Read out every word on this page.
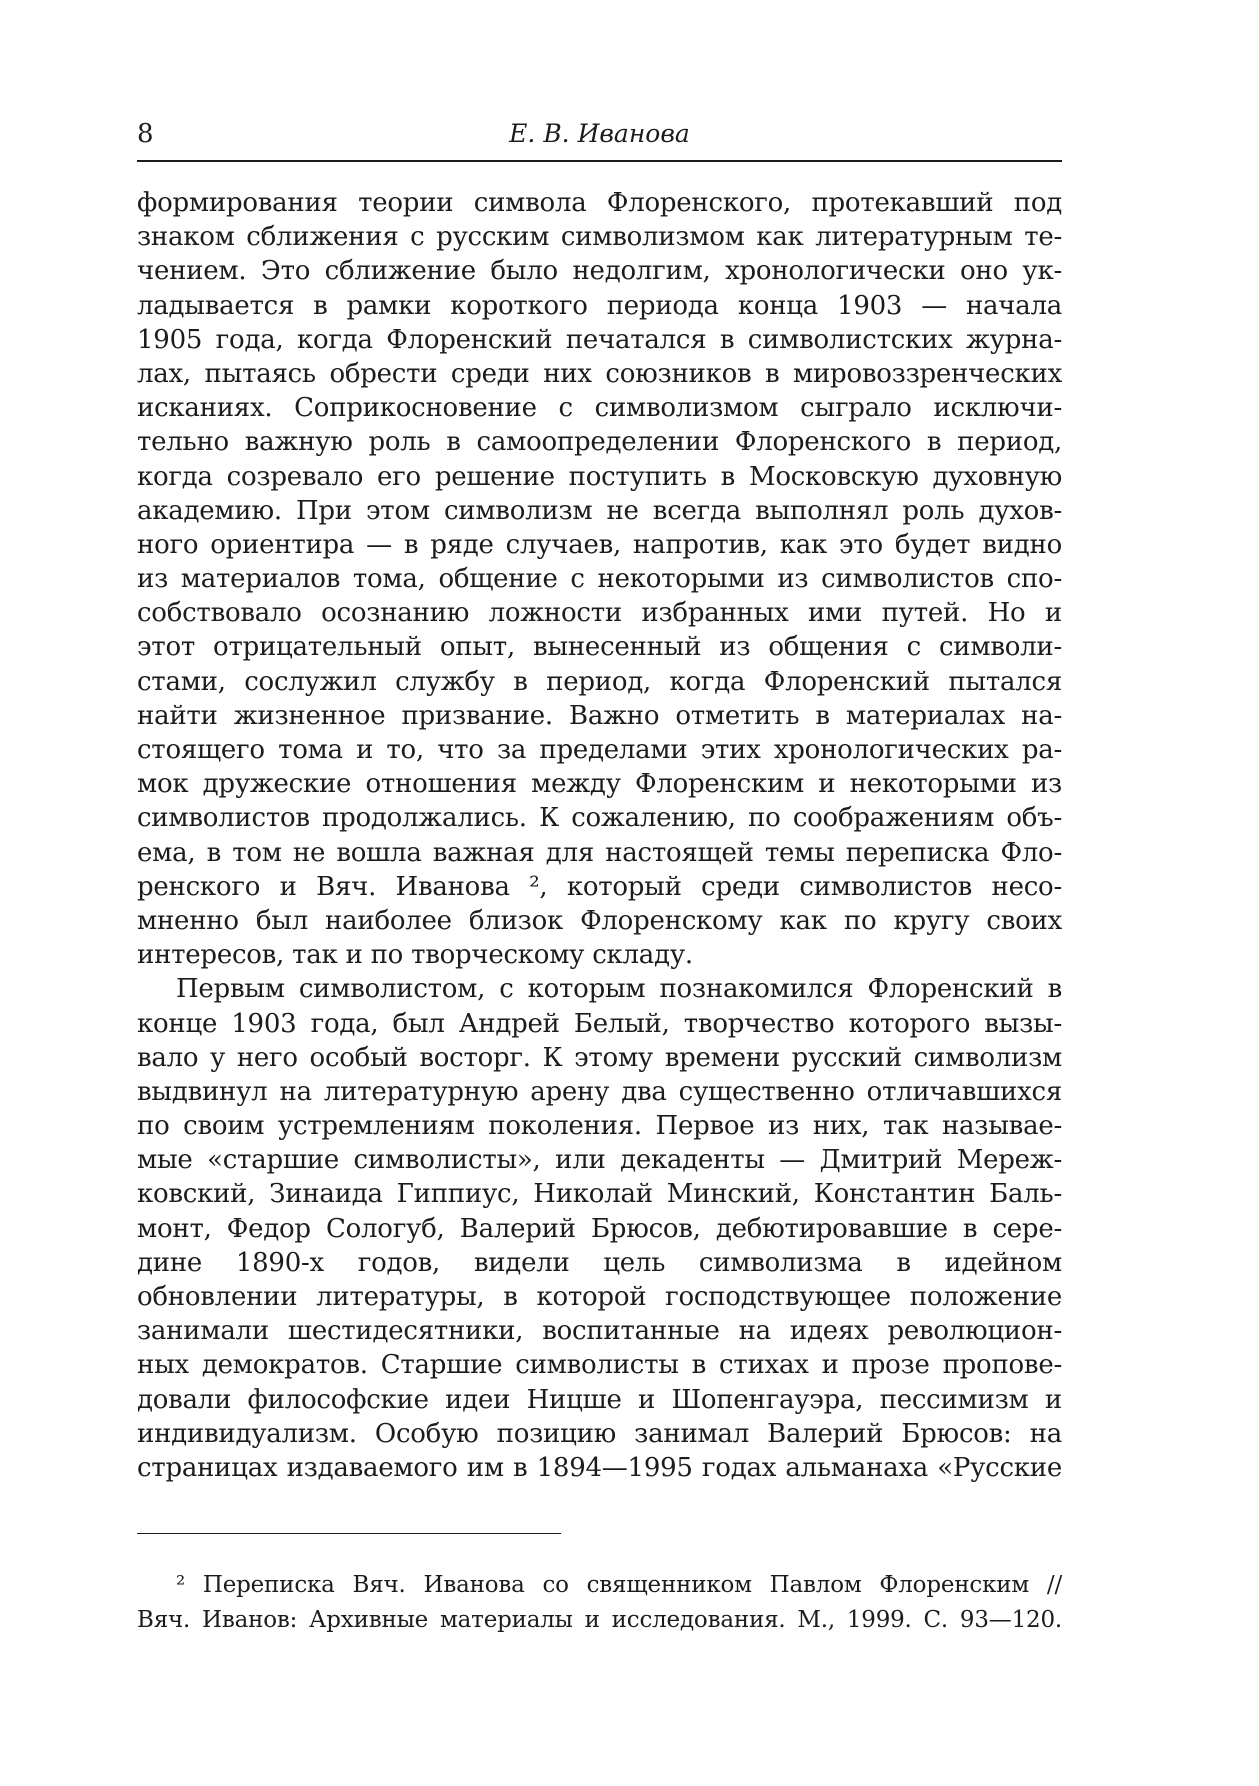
8	Е. В. Иванова
формирования теории символа Флоренского, протекавший под
знаком сближения с русским символизмом как литературным те-
чением. Это сближение было недолгим, хронологически оно ук-
ладывается в рамки короткого периода конца 1903 — начала
1905 года, когда Флоренский печатался в символистских журна-
лах, пытаясь обрести среди них союзников в мировоззренческих
исканиях. Соприкосновение с символизмом сыграло исключи-
тельно важную роль в самоопределении Флоренского в период,
когда созревало его решение поступить в Московскую духовную
академию. При этом символизм не всегда выполнял роль духов-
ного ориентира — в ряде случаев, напротив, как это будет видно
из материалов тома, общение с некоторыми из символистов спо-
собствовало осознанию ложности избранных ими путей. Но и
этот отрицательный опыт, вынесенный из общения с символи-
стами, сослужил службу в период, когда Флоренский пытался
найти жизненное призвание. Важно отметить в материалах на-
стоящего тома и то, что за пределами этих хронологических ра-
мок дружеские отношения между Флоренским и некоторыми из
символистов продолжались. К сожалению, по соображениям объ-
ема, в том не вошла важная для настоящей темы переписка Фло-
ренского и Вяч. Иванова ², который среди символистов несо-
мненно был наиболее близок Флоренскому как по кругу своих
интересов, так и по творческому складу.
Первым символистом, с которым познакомился Флоренский в
конце 1903 года, был Андрей Белый, творчество которого вызы-
вало у него особый восторг. К этому времени русский символизм
выдвинул на литературную арену два существенно отличавшихся
по своим устремлениям поколения. Первое из них, так называе-
мые «старшие символисты», или декаденты — Дмитрий Мереж-
ковский, Зинаида Гиппиус, Николай Минский, Константин Баль-
монт, Федор Сологуб, Валерий Брюсов, дебютировавшие в сере-
дине 1890-х годов, видели цель символизма в идейном
обновлении литературы, в которой господствующее положение
занимали шестидесятники, воспитанные на идеях революцион-
ных демократов. Старшие символисты в стихах и прозе пропове-
довали философские идеи Ницше и Шопенгауэра, пессимизм и
индивидуализм. Особую позицию занимал Валерий Брюсов: на
страницах издаваемого им в 1894—1995 годах альманаха «Русские
² Переписка Вяч. Иванова со священником Павлом Флоренским //
Вяч. Иванов: Архивные материалы и исследования. М., 1999. С. 93—120.
